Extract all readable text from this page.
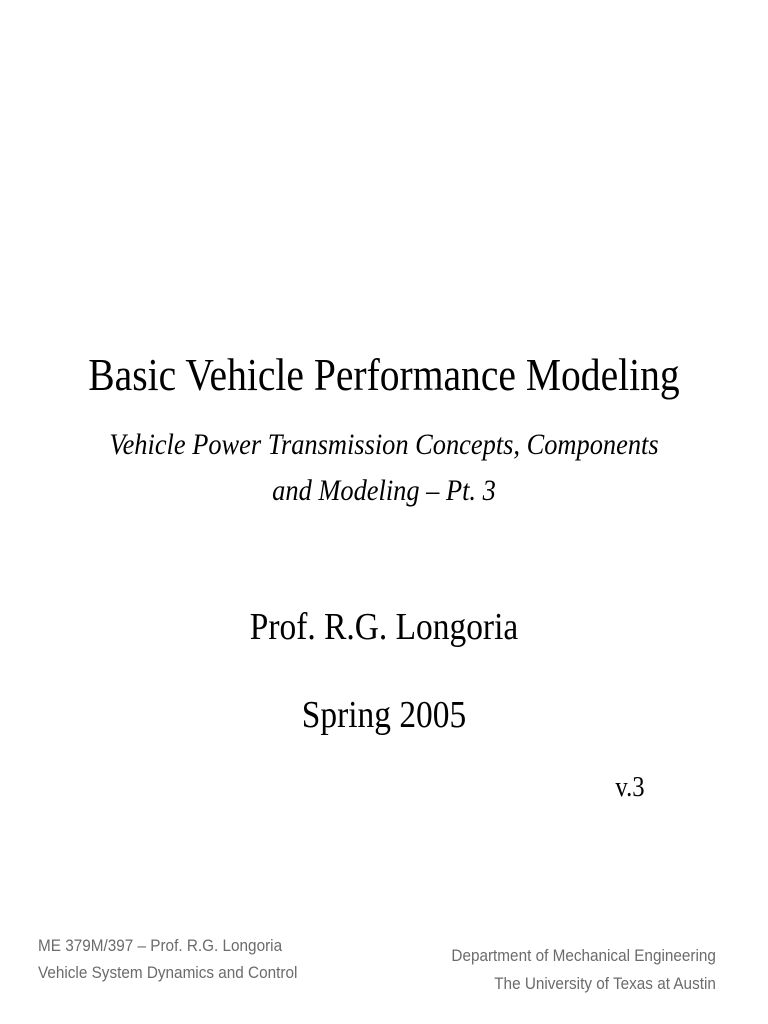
Basic Vehicle Performance Modeling
Vehicle Power Transmission Concepts, Components and Modeling – Pt. 3
Prof. R.G. Longoria
Spring 2005
v.3
ME 379M/397 – Prof. R.G. Longoria
Vehicle System Dynamics and Control
Department of Mechanical Engineering
The University of Texas at Austin
